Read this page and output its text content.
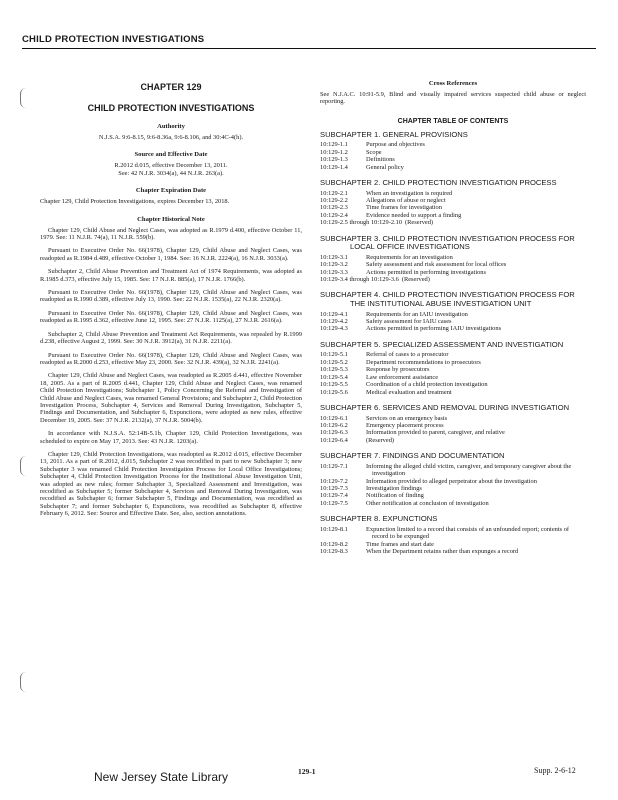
CHILD PROTECTION INVESTIGATIONS

CHAPTER 129

CHILD PROTECTION INVESTIGATIONS

Authority

N.J.S.A. 9:6-8.15, 9:6-8.36a, 9:6-8.106, and 30:4C-4(h).

Source and Effective Date

R.2012 d.015, effective December 13, 2011.

See: 42 N.J.R. 3034(a), 44 N.J.R. 263(a).

Chapter Expiration Date

Chapter 129, Child Protection Investigations, expires December 13, 2018.

Chapter Historical Note

Chapter 129, Child Abuse and Neglect Cases, was adopted as R.1979 d.400, effective October 11, 1979. See: 11 N.J.R. 74(a), 11 N.J.R. 559(b).

Pursuant to Executive Order No. 66(1978), Chapter 129, Child Abuse and Neglect Cases, was readopted as R.1984 d.489, effective October 1, 1984. See: 16 N.J.R. 2224(a), 16 N.J.R. 3033(a).

Subchapter 2, Child Abuse Prevention and Treatment Act of 1974 Requirements, was adopted as R.1985 d.373, effective July 15, 1985. See: 17 N.J.R. 885(a), 17 N.J.R. 1766(b).

Pursuant to Executive Order No. 66(1978), Chapter 129, Child Abuse and Neglect Cases, was readopted as R.1990 d.389, effective July 13, 1990. See: 22 N.J.R. 1535(a), 22 N.J.R. 2320(a).

Pursuant to Executive Order No. 66(1978), Chapter 129, Child Abuse and Neglect Cases, was readopted as R.1995 d.362, effective June 12, 1995. See: 27 N.J.R. 1125(a), 27 N.J.R. 2616(a).

Subchapter 2, Child Abuse Prevention and Treatment Act Requirements, was repealed by R.1999 d.238, effective August 2, 1999. See: 30 N.J.R. 3912(a), 31 N.J.R. 2211(a).

Pursuant to Executive Order No. 66(1978), Chapter 129, Child Abuse and Neglect Cases, was readopted as R.2000 d.253, effective May 23, 2000. See: 32 N.J.R. 439(a), 32 N.J.R. 2241(a).

Chapter 129, Child Abuse and Neglect Cases, was readopted as R.2005 d.441, effective November 18, 2005. As a part of R.2005 d.441, Chapter 129, Child Abuse and Neglect Cases, was renamed Child Protection Investigations; Subchapter 1, Policy Concerning the Referral and Investigation of Child Abuse and Neglect Cases, was renamed General Provisions; and Subchapter 2, Child Protection Investigation Process, Subchapter 4, Services and Removal During Investigation, Subchapter 5, Findings and Documentation, and Subchapter 6, Expunctions, were adopted as new rules, effective December 19, 2005. See: 37 N.J.R. 2132(a), 37 N.J.R. 5004(b).

In accordance with N.J.S.A. 52:14B-5.1b, Chapter 129, Child Protection Investigations, was scheduled to expire on May 17, 2013. See: 43 N.J.R. 1203(a).

Chapter 129, Child Protection Investigations, was readopted as R.2012 d.015, effective December 13, 2011. As a part of R.2012, d.015, Subchapter 2 was recodified in part to new Subchapter 3; new Subchapter 3 was renamed Child Protection Investigation Process for Local Office Investigations; Subchapter 4, Child Protection Investigation Process for the Institutional Abuse Investigation Unit, was adopted as new rules; former Subchapter 3, Specialized Assessment and Investigation, was recodified as Subchapter 5; former Subchapter 4, Services and Removal During Investigation, was recodified as Subchapter 6; former Subchapter 5, Findings and Documentation, was recodified as Subchapter 7; and former Subchapter 6, Expunctions, was recodified as Subchapter 8, effective February 6, 2012. See: Source and Effective Date. See, also, section annotations.

Cross References

See N.J.A.C. 10:91-5.9, Blind and visually impaired services suspected child abuse or neglect reporting.

CHAPTER TABLE OF CONTENTS

SUBCHAPTER 1. GENERAL PROVISIONS

10:129-1.1	Purpose and objectives
10:129-1.2	Scope
10:129-1.3	Definitions
10:129-1.4	General policy

SUBCHAPTER 2. CHILD PROTECTION INVESTIGATION PROCESS

10:129-2.1	When an investigation is required
10:129-2.2	Allegations of abuse or neglect
10:129-2.3	Time frames for investigation
10:129-2.4	Evidence needed to support a finding
10:129-2.5 through 10:129-2.10 (Reserved)

SUBCHAPTER 3. CHILD PROTECTION INVESTIGATION PROCESS FOR LOCAL OFFICE INVESTIGATIONS

10:129-3.1	Requirements for an investigation
10:129-3.2	Safety assessment and risk assessment for local offices
10:129-3.3	Actions permitted in performing investigations
10:129-3.4 through 10:129-3.6 (Reserved)

SUBCHAPTER 4. CHILD PROTECTION INVESTIGATION PROCESS FOR THE INSTITUTIONAL ABUSE INVESTIGATION UNIT

10:129-4.1	Requirements for an IAIU investigation
10:129-4.2	Safety assessment for IAIU cases
10:129-4.3	Actions permitted in performing IAIU investigations

SUBCHAPTER 5. SPECIALIZED ASSESSMENT AND INVESTIGATION

10:129-5.1	Referral of cases to a prosecutor
10:129-5.2	Department recommendations to prosecutors
10:129-5.3	Response by prosecutors
10:129-5.4	Law enforcement assistance
10:129-5.5	Coordination of a child protection investigation
10:129-5.6	Medical evaluation and treatment

SUBCHAPTER 6. SERVICES AND REMOVAL DURING INVESTIGATION

10:129-6.1	Services on an emergency basis
10:129-6.2	Emergency placement process
10:129-6.3	Information provided to parent, caregiver, and relative
10:129-6.4	(Reserved)

SUBCHAPTER 7. FINDINGS AND DOCUMENTATION

10:129-7.1	Informing the alleged child victim, caregiver, and temporary caregiver about the investigation
10:129-7.2	Information provided to alleged perpetrator about the investigation
10:129-7.3	Investigation findings
10:129-7.4	Notification of finding
10:129-7.5	Other notification at conclusion of investigation

SUBCHAPTER 8. EXPUNCTIONS

10:129-8.1	Expunction limited to a record that consists of an unfounded report; contents of record to be expunged
10:129-8.2	Time frames and start date
10:129-8.3	When the Department retains rather than expunges a record
New Jersey State Library	129-1	Supp. 2-6-12
